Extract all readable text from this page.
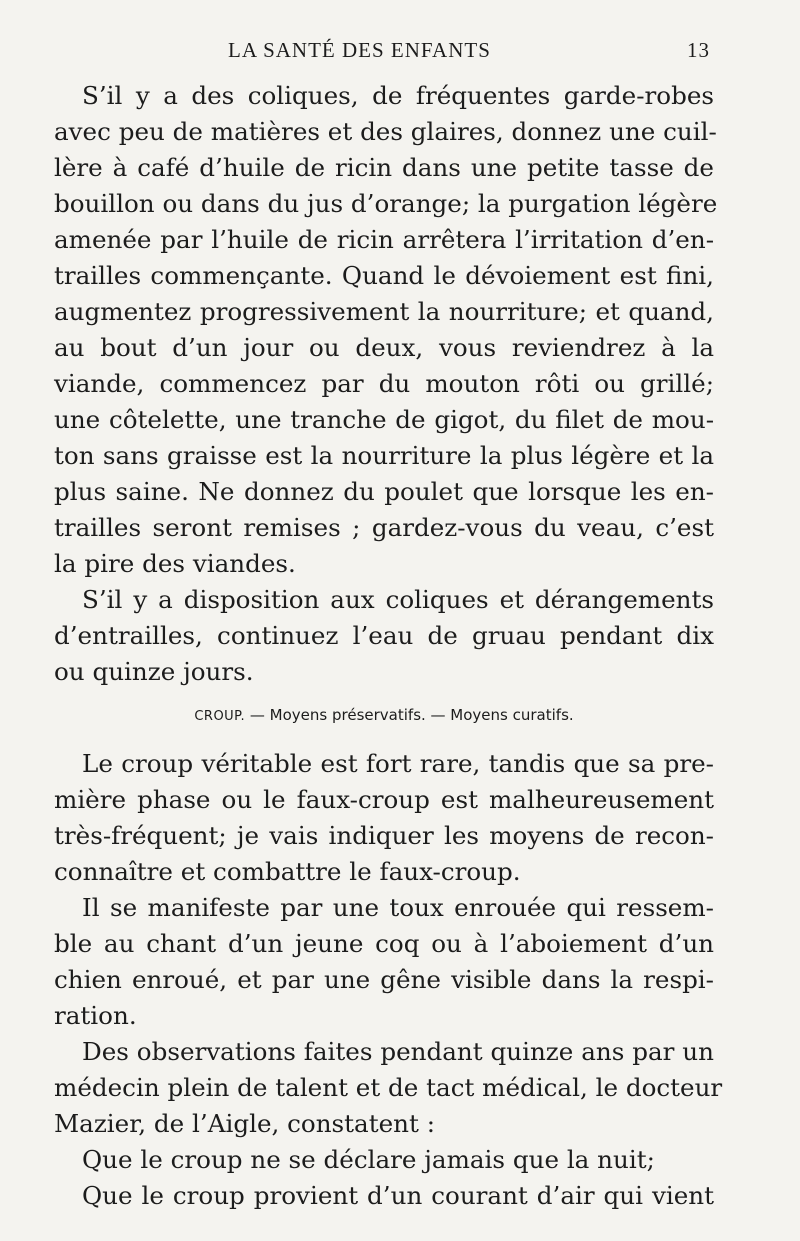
LA SANTÉ DES ENFANTS	13
S’il y a des coliques, de fréquentes garde-robes
avec peu de matières et des glaires, donnez une cuil-
lère à café d’huile de ricin dans une petite tasse de
bouillon ou dans du jus d’orange; la purgation légère
amenée par l’huile de ricin arrêtera l’irritation d’en-
trailles commençante. Quand le dévoiement est fini,
augmentez progressivement la nourriture; et quand,
au bout d’un jour ou deux, vous reviendrez à la
viande, commencez par du mouton rôti ou grillé;
une côtelette, une tranche de gigot, du filet de mou-
ton sans graisse est la nourriture la plus légère et la
plus saine. Ne donnez du poulet que lorsque les en-
trailles seront remises ; gardez-vous du veau, c’est
la pire des viandes.
S’il y a disposition aux coliques et dérangements
d’entrailles, continuez l’eau de gruau pendant dix
ou quinze jours.
CROUP. — Moyens préservatifs. — Moyens curatifs.
Le croup véritable est fort rare, tandis que sa pre-
mière phase ou le faux-croup est malheureusement
très-fréquent; je vais indiquer les moyens de recon-
connaître et combattre le faux-croup.
Il se manifeste par une toux enrouée qui ressem-
ble au chant d’un jeune coq ou à l’aboiement d’un
chien enroué, et par une gêne visible dans la respi-
ration.
Des observations faites pendant quinze ans par un
médecin plein de talent et de tact médical, le docteur
Mazier, de l’Aigle, constatent :
Que le croup ne se déclare jamais que la nuit;
Que le croup provient d’un courant d’air qui vient
